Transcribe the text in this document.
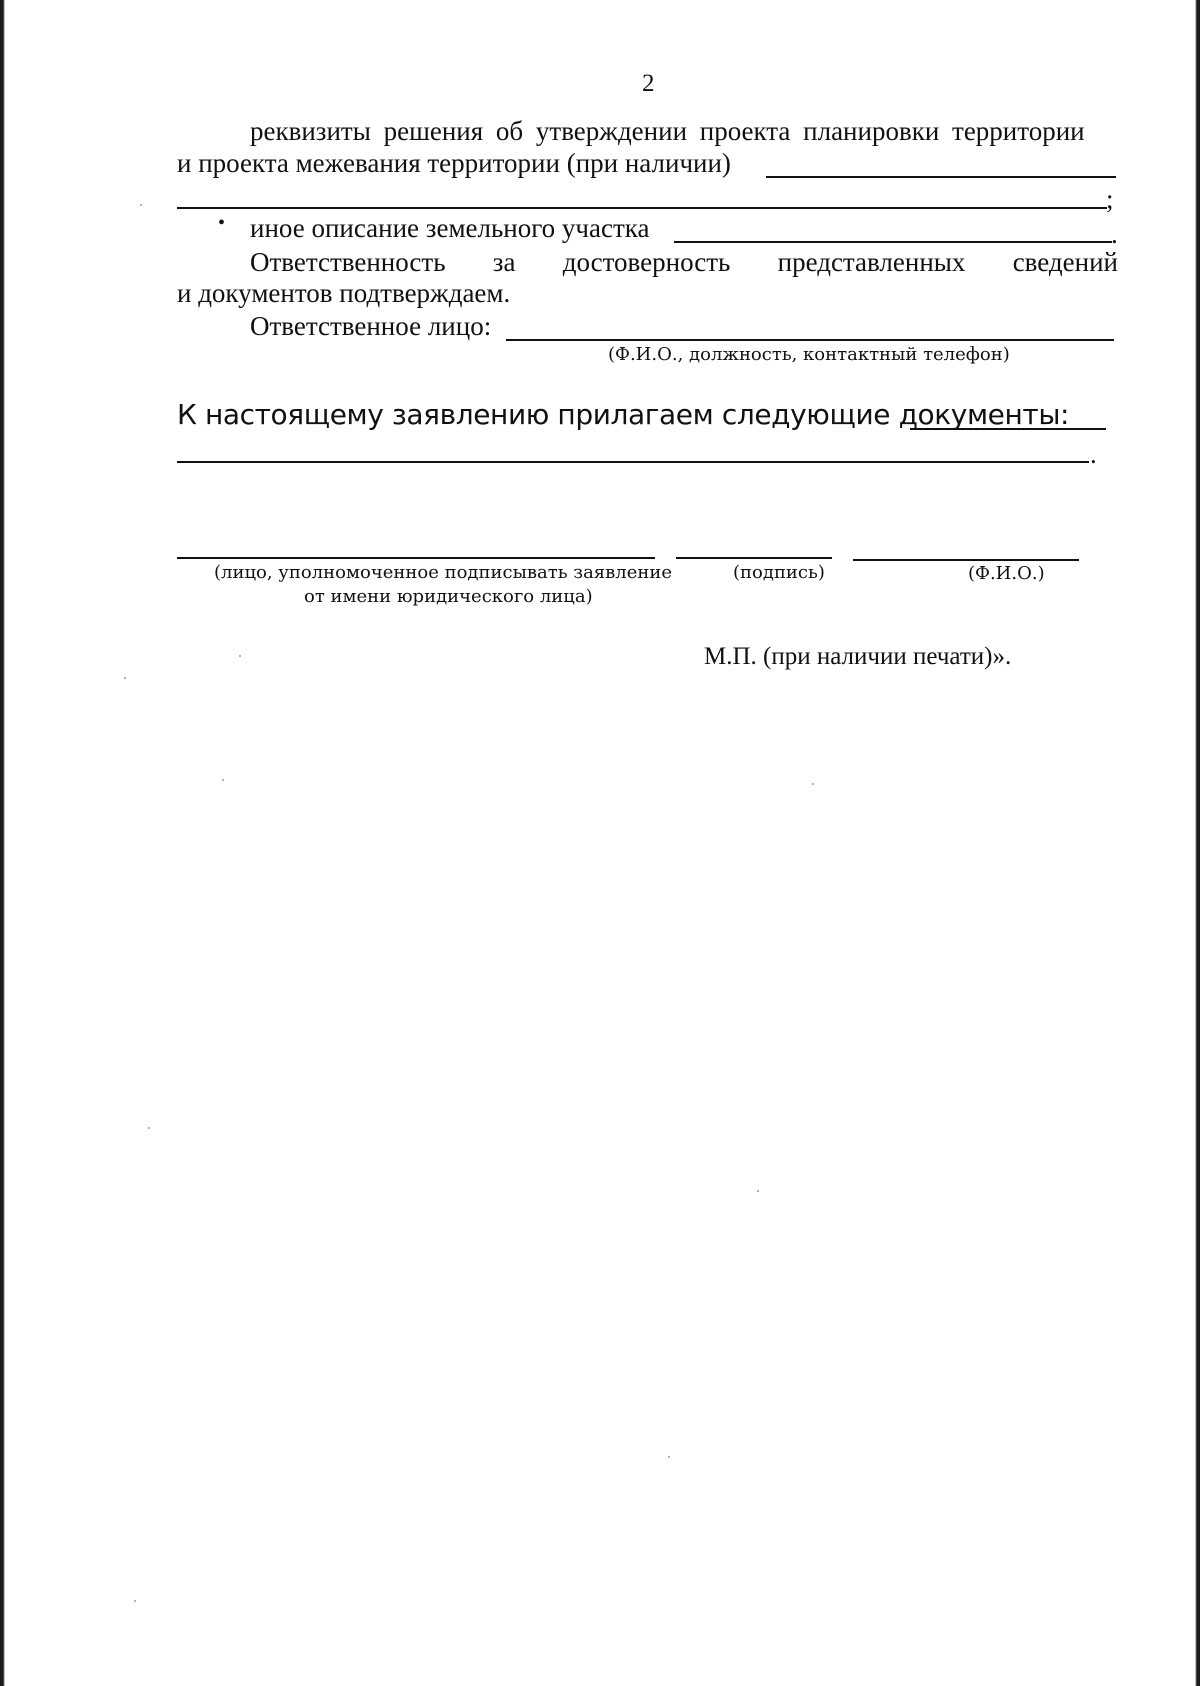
2
реквизиты решения об утверждении проекта планировки территории
и проекта межевания территории (при наличии)
;
• иное описание земельного участка	.
Ответственность за достоверность представленных сведений
и документов подтверждаем.
Ответственное лицо:
(Ф.И.О., должность, контактный телефон)
К настоящему заявлению прилагаем следующие документы:
.
(лицо, уполномоченное подписывать заявление
от имени юридического лица)
(подпись)	(Ф.И.О.)
М.П. (при наличии печати)».
